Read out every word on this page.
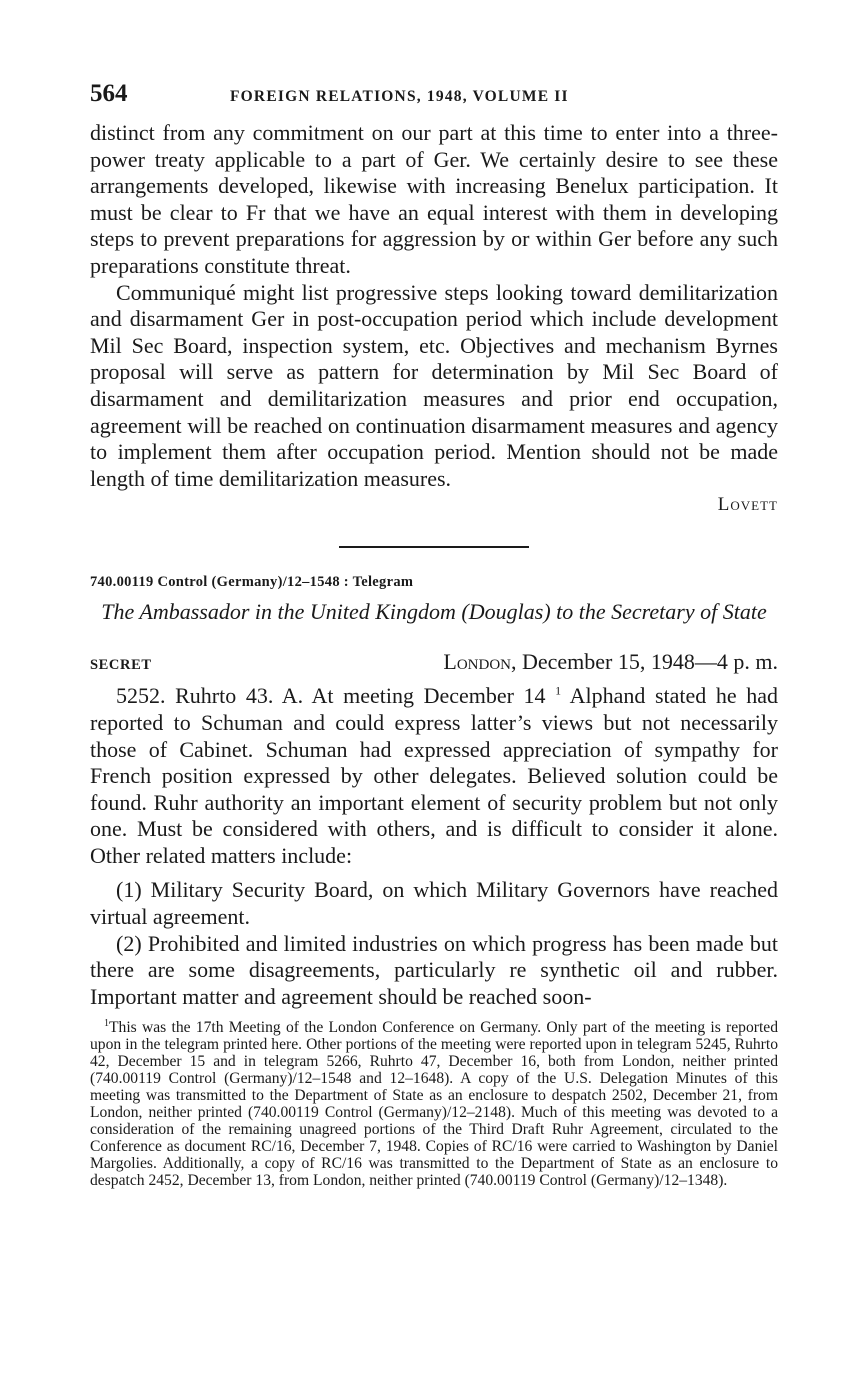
564	FOREIGN RELATIONS, 1948, VOLUME II

distinct from any commitment on our part at this time to enter into a three-power treaty applicable to a part of Ger. We certainly desire to see these arrangements developed, likewise with increasing Benelux participation. It must be clear to Fr that we have an equal interest with them in developing steps to prevent preparations for aggression by or within Ger before any such preparations constitute threat.

Communiqué might list progressive steps looking toward demilitarization and disarmament Ger in post-occupation period which include development Mil Sec Board, inspection system, etc. Objectives and mechanism Byrnes proposal will serve as pattern for determination by Mil Sec Board of disarmament and demilitarization measures and prior end occupation, agreement will be reached on continuation disarmament measures and agency to implement them after occupation period. Mention should not be made length of time demilitarization measures.

Lovett
740.00119 Control (Germany)/12–1548 : Telegram
The Ambassador in the United Kingdom (Douglas) to the Secretary of State
SECRET	London, December 15, 1948—4 p. m.

5252. Ruhrto 43. A. At meeting December 14 $^1$ Alphand stated he had reported to Schuman and could express latter’s views but not necessarily those of Cabinet. Schuman had expressed appreciation of sympathy for French position expressed by other delegates. Believed solution could be found. Ruhr authority an important element of security problem but not only one. Must be considered with others, and is difficult to consider it alone. Other related matters include:

(1) Military Security Board, on which Military Governors have reached virtual agreement.

(2) Prohibited and limited industries on which progress has been made but there are some disagreements, particularly re synthetic oil and rubber. Important matter and agreement should be reached soon-

$^1$This was the 17th Meeting of the London Conference on Germany. Only part of the meeting is reported upon in the telegram printed here. Other portions of the meeting were reported upon in telegram 5245, Ruhrto 42, December 15 and in telegram 5266, Ruhrto 47, December 16, both from London, neither printed (740.00119 Control (Germany)/12–1548 and 12–1648). A copy of the U.S. Delegation Minutes of this meeting was transmitted to the Department of State as an enclosure to despatch 2502, December 21, from London, neither printed (740.00119 Control (Germany)/12–2148). Much of this meeting was devoted to a consideration of the remaining unagreed portions of the Third Draft Ruhr Agreement, circulated to the Conference as document RC/16, December 7, 1948. Copies of RC/16 were carried to Washington by Daniel Margolies. Additionally, a copy of RC/16 was transmitted to the Department of State as an enclosure to despatch 2452, December 13, from London, neither printed (740.00119 Control (Germany)/12–1348).
